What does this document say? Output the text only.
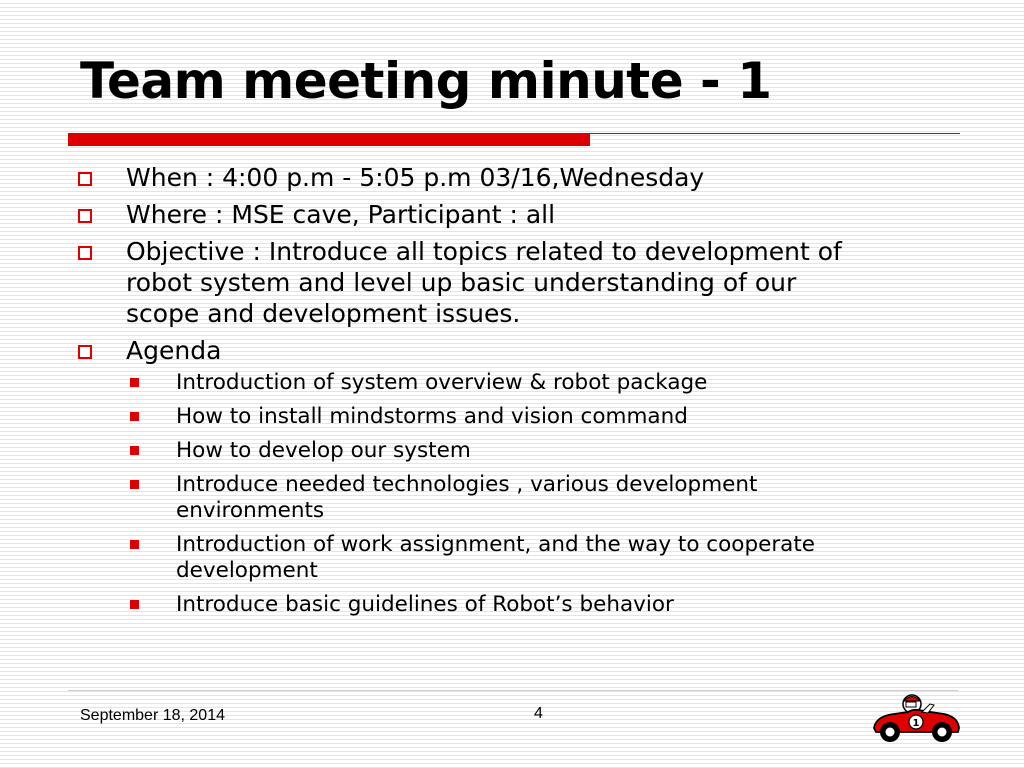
Team meeting minute - 1
When : 4:00 p.m - 5:05 p.m 03/16,Wednesday
Where : MSE cave, Participant : all
Objective : Introduce all topics related to development of
robot system and level up basic understanding of our
scope and development issues.
Agenda
Introduction of system overview & robot package
How to install mindstorms and vision command
How to develop our system
Introduce needed technologies , various development
environments
Introduction of work assignment, and the way to cooperate
development
Introduce basic guidelines of Robot’s behavior
September 18, 2014	4
1
